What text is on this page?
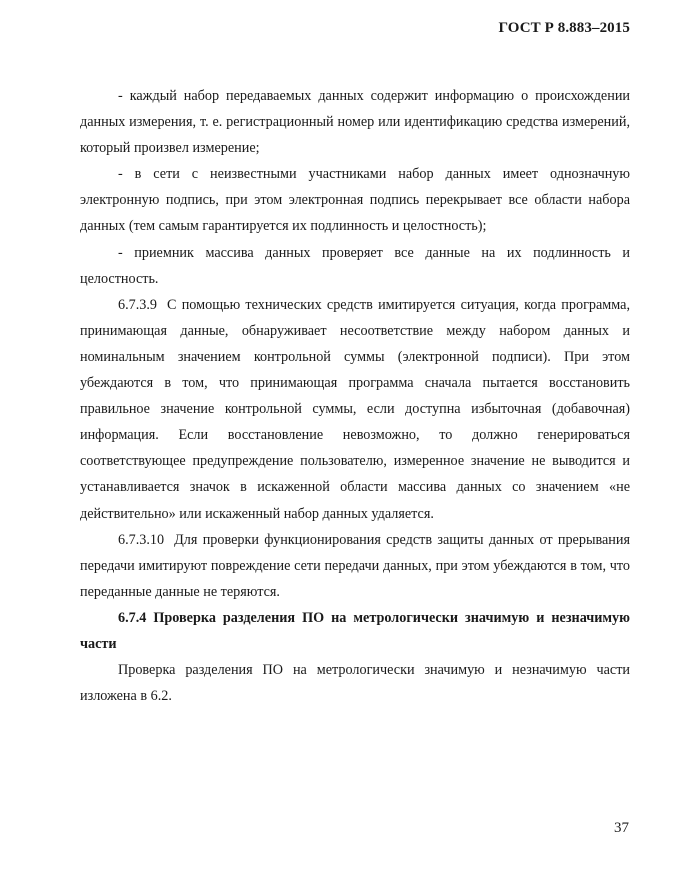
ГОСТ Р 8.883–2015

- каждый набор передаваемых данных содержит информацию о происхождении данных измерения, т. е. регистрационный номер или идентификацию средства измерений, который произвел измерение;

- в сети с неизвестными участниками набор данных имеет однозначную электронную подпись, при этом электронная подпись перекрывает все области набора данных (тем самым гарантируется их подлинность и целостность);

- приемник массива данных проверяет все данные на их подлинность и целостность.

6.7.3.9 С помощью технических средств имитируется ситуация, когда программа, принимающая данные, обнаруживает несоответствие между набором данных и номинальным значением контрольной суммы (электронной подписи). При этом убеждаются в том, что принимающая программа сначала пытается восстановить правильное значение контрольной суммы, если доступна избыточная (добавочная) информация. Если восстановление невозможно, то должно генерироваться соответствующее предупреждение пользователю, измеренное значение не выводится и устанавливается значок в искаженной области массива данных со значением «не действительно» или искаженный набор данных удаляется.

6.7.3.10 Для проверки функционирования средств защиты данных от прерывания передачи имитируют повреждение сети передачи данных, при этом убеждаются в том, что переданные данные не теряются.

6.7.4 Проверка разделения ПО на метрологически значимую и незначимую части

Проверка разделения ПО на метрологически значимую и незначимую части изложена в 6.2.

37
